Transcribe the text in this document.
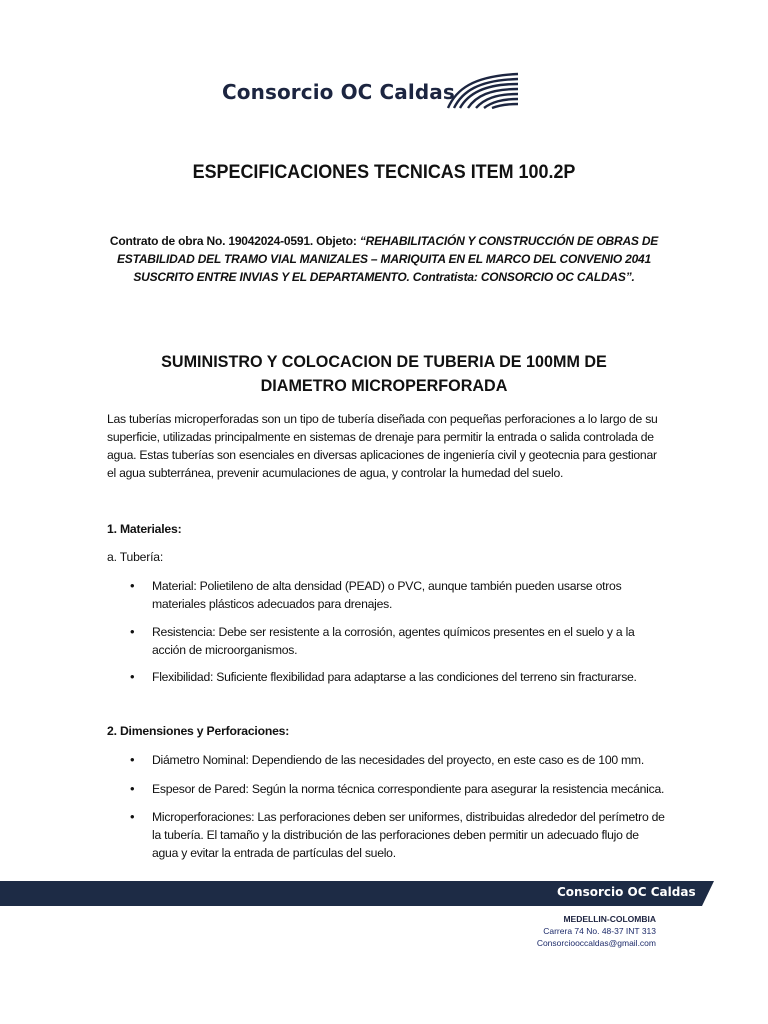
Consorcio OC Caldas
ESPECIFICACIONES TECNICAS ITEM 100.2P
Contrato de obra No. 19042024-0591. Objeto: “REHABILITACIÓN Y CONSTRUCCIÓN DE OBRAS DE ESTABILIDAD DEL TRAMO VIAL MANIZALES – MARIQUITA EN EL MARCO DEL CONVENIO 2041 SUSCRITO ENTRE INVIAS Y EL DEPARTAMENTO. Contratista: CONSORCIO OC CALDAS”.
SUMINISTRO Y COLOCACION DE TUBERIA DE 100MM DE
DIAMETRO MICROPERFORADA
Las tuberías microperforadas son un tipo de tubería diseñada con pequeñas perforaciones a lo largo de su superficie, utilizadas principalmente en sistemas de drenaje para permitir la entrada o salida controlada de agua. Estas tuberías son esenciales en diversas aplicaciones de ingeniería civil y geotecnia para gestionar el agua subterránea, prevenir acumulaciones de agua, y controlar la humedad del suelo.
1. Materiales:
a. Tubería:
•	Material: Polietileno de alta densidad (PEAD) o PVC, aunque también pueden usarse otros materiales plásticos adecuados para drenajes.
•	Resistencia: Debe ser resistente a la corrosión, agentes químicos presentes en el suelo y a la acción de microorganismos.
•	Flexibilidad: Suficiente flexibilidad para adaptarse a las condiciones del terreno sin fracturarse.
2. Dimensiones y Perforaciones:
•	Diámetro Nominal: Dependiendo de las necesidades del proyecto, en este caso es de 100 mm.
•	Espesor de Pared: Según la norma técnica correspondiente para asegurar la resistencia mecánica.
•	Microperforaciones: Las perforaciones deben ser uniformes, distribuidas alrededor del perímetro de la tubería. El tamaño y la distribución de las perforaciones deben permitir un adecuado flujo de agua y evitar la entrada de partículas del suelo.
Consorcio OC Caldas
MEDELLIN-COLOMBIA
Carrera 74 No. 48-37 INT 313
Consorciooccaldas@gmail.com
